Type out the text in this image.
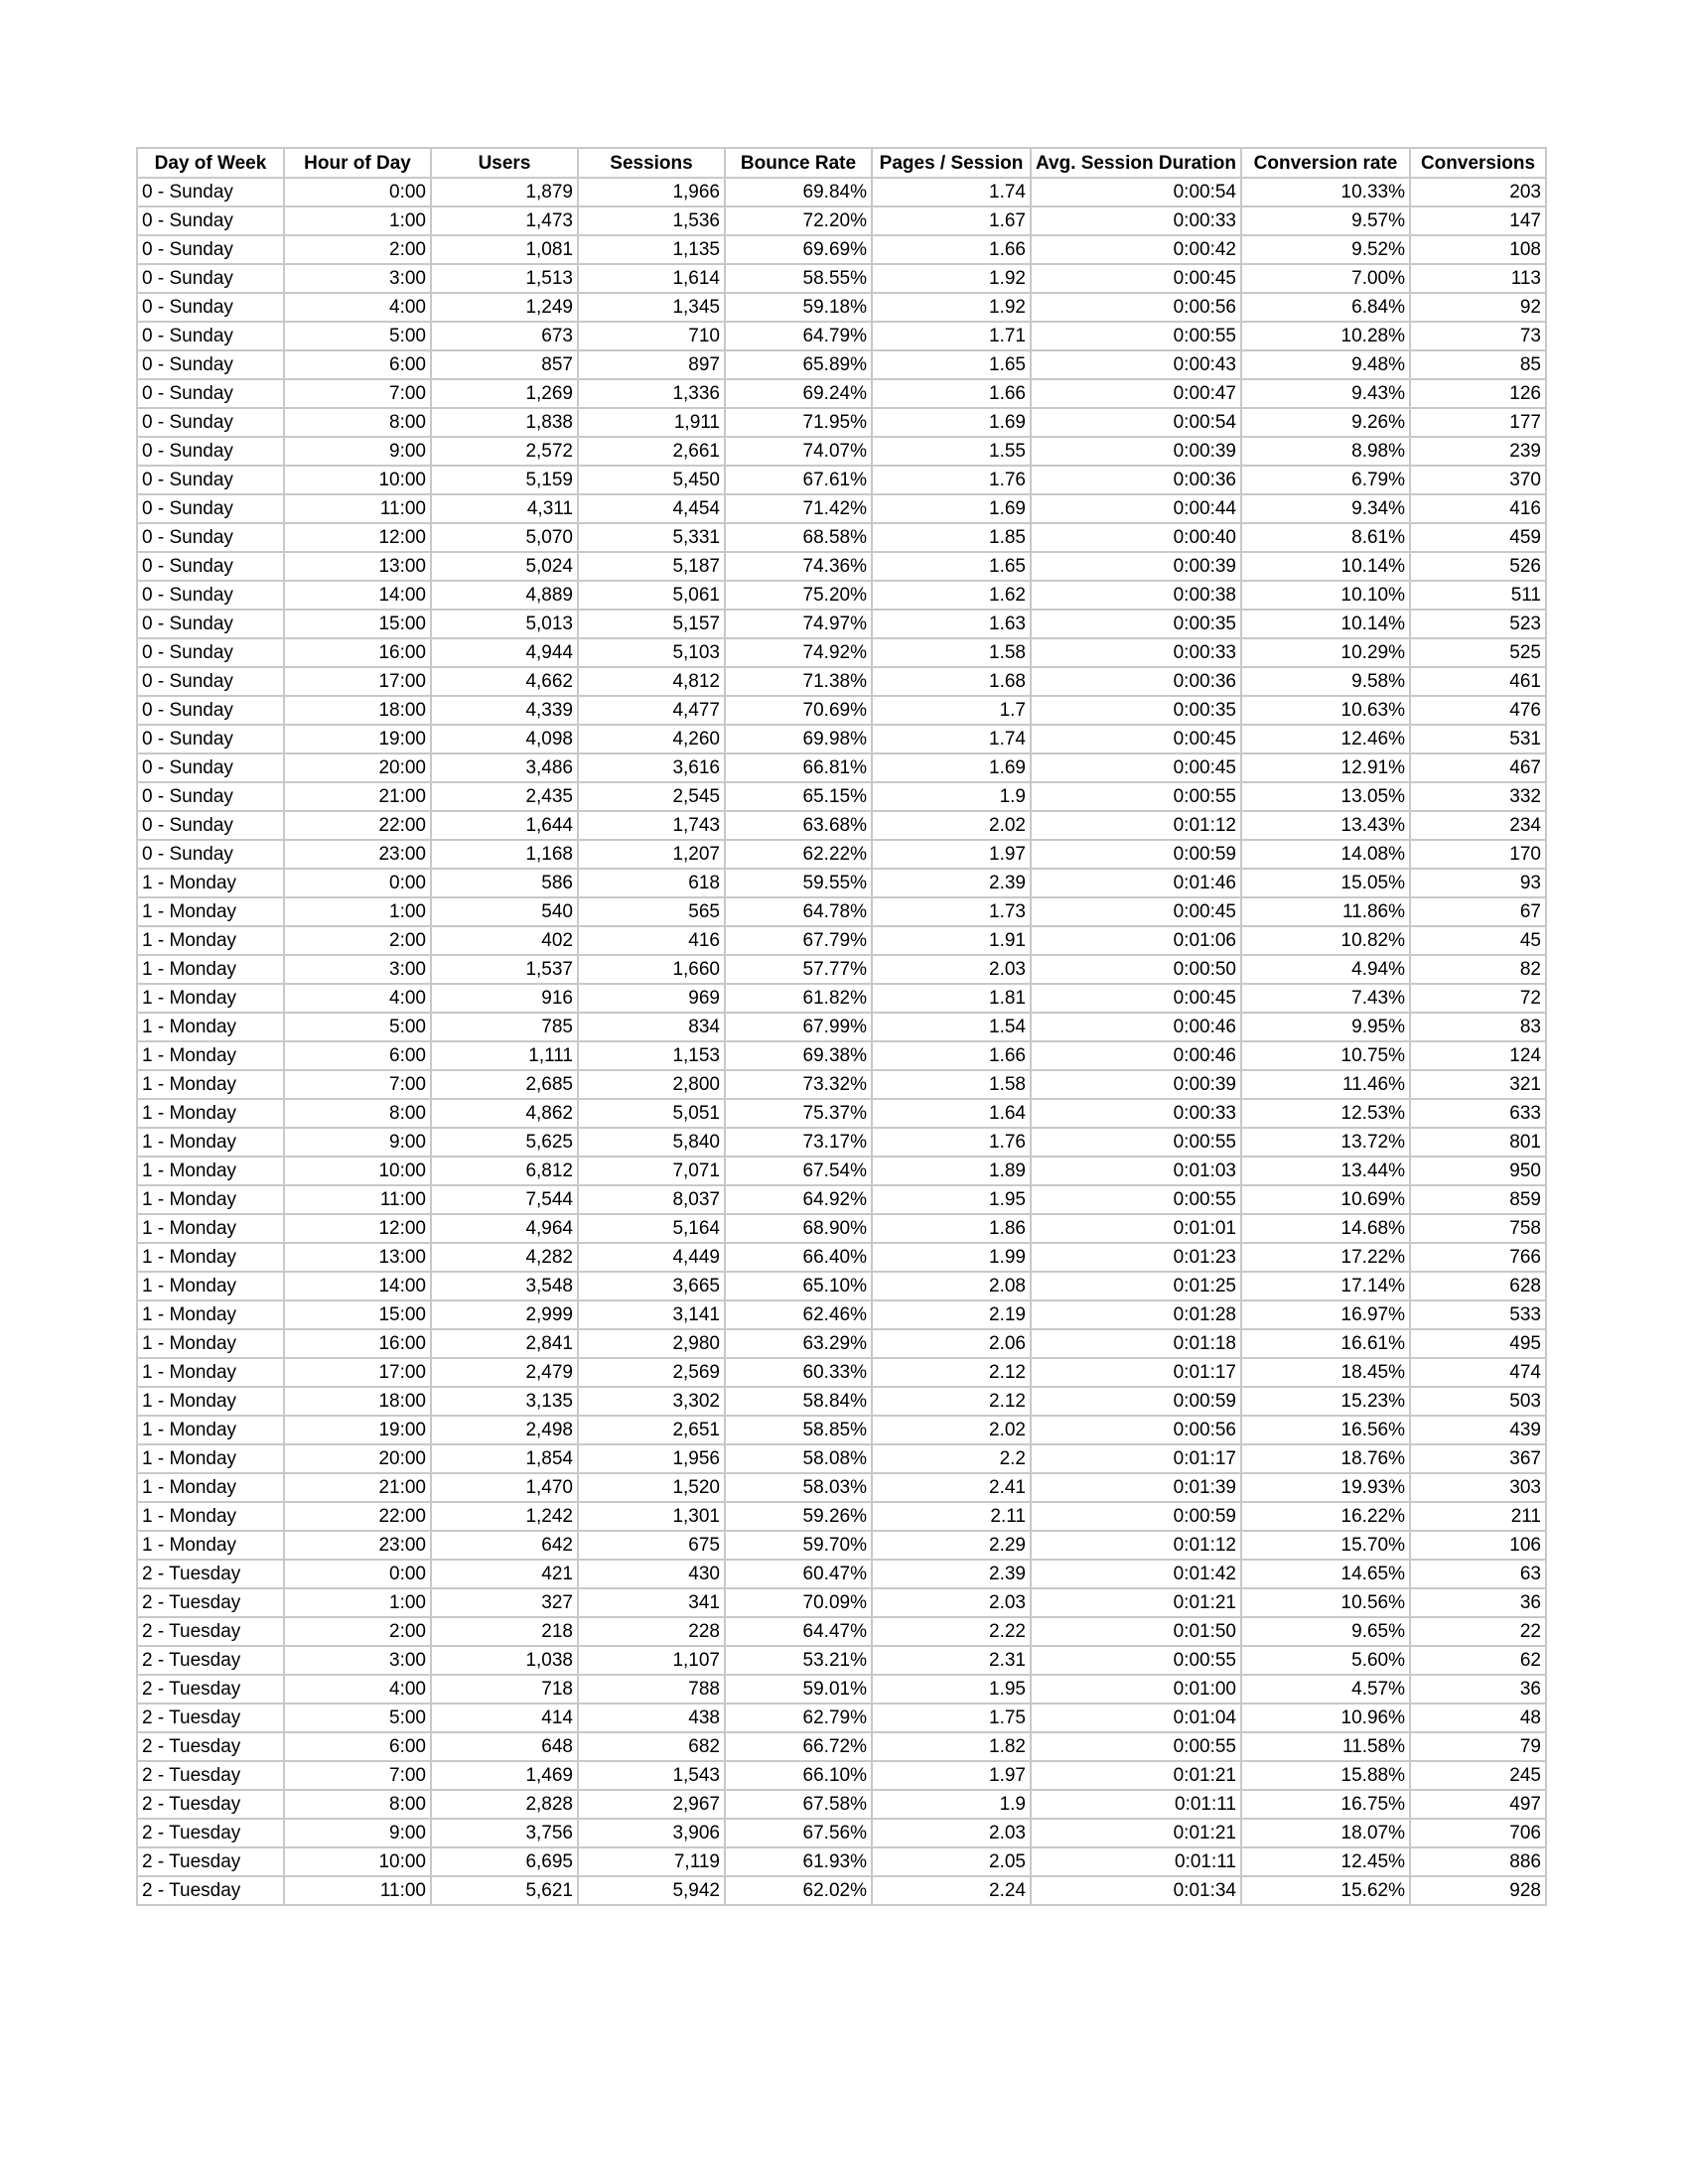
Day of Week	Hour of Day	Users	Sessions	Bounce Rate	Pages / Session	Avg. Session Duration	Conversion rate	Conversions
0 - Sunday	0:00	1,879	1,966	69.84%	1.74	0:00:54	10.33%	203
0 - Sunday	1:00	1,473	1,536	72.20%	1.67	0:00:33	9.57%	147
0 - Sunday	2:00	1,081	1,135	69.69%	1.66	0:00:42	9.52%	108
0 - Sunday	3:00	1,513	1,614	58.55%	1.92	0:00:45	7.00%	113
0 - Sunday	4:00	1,249	1,345	59.18%	1.92	0:00:56	6.84%	92
0 - Sunday	5:00	673	710	64.79%	1.71	0:00:55	10.28%	73
0 - Sunday	6:00	857	897	65.89%	1.65	0:00:43	9.48%	85
0 - Sunday	7:00	1,269	1,336	69.24%	1.66	0:00:47	9.43%	126
0 - Sunday	8:00	1,838	1,911	71.95%	1.69	0:00:54	9.26%	177
0 - Sunday	9:00	2,572	2,661	74.07%	1.55	0:00:39	8.98%	239
0 - Sunday	10:00	5,159	5,450	67.61%	1.76	0:00:36	6.79%	370
0 - Sunday	11:00	4,311	4,454	71.42%	1.69	0:00:44	9.34%	416
0 - Sunday	12:00	5,070	5,331	68.58%	1.85	0:00:40	8.61%	459
0 - Sunday	13:00	5,024	5,187	74.36%	1.65	0:00:39	10.14%	526
0 - Sunday	14:00	4,889	5,061	75.20%	1.62	0:00:38	10.10%	511
0 - Sunday	15:00	5,013	5,157	74.97%	1.63	0:00:35	10.14%	523
0 - Sunday	16:00	4,944	5,103	74.92%	1.58	0:00:33	10.29%	525
0 - Sunday	17:00	4,662	4,812	71.38%	1.68	0:00:36	9.58%	461
0 - Sunday	18:00	4,339	4,477	70.69%	1.7	0:00:35	10.63%	476
0 - Sunday	19:00	4,098	4,260	69.98%	1.74	0:00:45	12.46%	531
0 - Sunday	20:00	3,486	3,616	66.81%	1.69	0:00:45	12.91%	467
0 - Sunday	21:00	2,435	2,545	65.15%	1.9	0:00:55	13.05%	332
0 - Sunday	22:00	1,644	1,743	63.68%	2.02	0:01:12	13.43%	234
0 - Sunday	23:00	1,168	1,207	62.22%	1.97	0:00:59	14.08%	170
1 - Monday	0:00	586	618	59.55%	2.39	0:01:46	15.05%	93
1 - Monday	1:00	540	565	64.78%	1.73	0:00:45	11.86%	67
1 - Monday	2:00	402	416	67.79%	1.91	0:01:06	10.82%	45
1 - Monday	3:00	1,537	1,660	57.77%	2.03	0:00:50	4.94%	82
1 - Monday	4:00	916	969	61.82%	1.81	0:00:45	7.43%	72
1 - Monday	5:00	785	834	67.99%	1.54	0:00:46	9.95%	83
1 - Monday	6:00	1,111	1,153	69.38%	1.66	0:00:46	10.75%	124
1 - Monday	7:00	2,685	2,800	73.32%	1.58	0:00:39	11.46%	321
1 - Monday	8:00	4,862	5,051	75.37%	1.64	0:00:33	12.53%	633
1 - Monday	9:00	5,625	5,840	73.17%	1.76	0:00:55	13.72%	801
1 - Monday	10:00	6,812	7,071	67.54%	1.89	0:01:03	13.44%	950
1 - Monday	11:00	7,544	8,037	64.92%	1.95	0:00:55	10.69%	859
1 - Monday	12:00	4,964	5,164	68.90%	1.86	0:01:01	14.68%	758
1 - Monday	13:00	4,282	4,449	66.40%	1.99	0:01:23	17.22%	766
1 - Monday	14:00	3,548	3,665	65.10%	2.08	0:01:25	17.14%	628
1 - Monday	15:00	2,999	3,141	62.46%	2.19	0:01:28	16.97%	533
1 - Monday	16:00	2,841	2,980	63.29%	2.06	0:01:18	16.61%	495
1 - Monday	17:00	2,479	2,569	60.33%	2.12	0:01:17	18.45%	474
1 - Monday	18:00	3,135	3,302	58.84%	2.12	0:00:59	15.23%	503
1 - Monday	19:00	2,498	2,651	58.85%	2.02	0:00:56	16.56%	439
1 - Monday	20:00	1,854	1,956	58.08%	2.2	0:01:17	18.76%	367
1 - Monday	21:00	1,470	1,520	58.03%	2.41	0:01:39	19.93%	303
1 - Monday	22:00	1,242	1,301	59.26%	2.11	0:00:59	16.22%	211
1 - Monday	23:00	642	675	59.70%	2.29	0:01:12	15.70%	106
2 - Tuesday	0:00	421	430	60.47%	2.39	0:01:42	14.65%	63
2 - Tuesday	1:00	327	341	70.09%	2.03	0:01:21	10.56%	36
2 - Tuesday	2:00	218	228	64.47%	2.22	0:01:50	9.65%	22
2 - Tuesday	3:00	1,038	1,107	53.21%	2.31	0:00:55	5.60%	62
2 - Tuesday	4:00	718	788	59.01%	1.95	0:01:00	4.57%	36
2 - Tuesday	5:00	414	438	62.79%	1.75	0:01:04	10.96%	48
2 - Tuesday	6:00	648	682	66.72%	1.82	0:00:55	11.58%	79
2 - Tuesday	7:00	1,469	1,543	66.10%	1.97	0:01:21	15.88%	245
2 - Tuesday	8:00	2,828	2,967	67.58%	1.9	0:01:11	16.75%	497
2 - Tuesday	9:00	3,756	3,906	67.56%	2.03	0:01:21	18.07%	706
2 - Tuesday	10:00	6,695	7,119	61.93%	2.05	0:01:11	12.45%	886
2 - Tuesday	11:00	5,621	5,942	62.02%	2.24	0:01:34	15.62%	928
